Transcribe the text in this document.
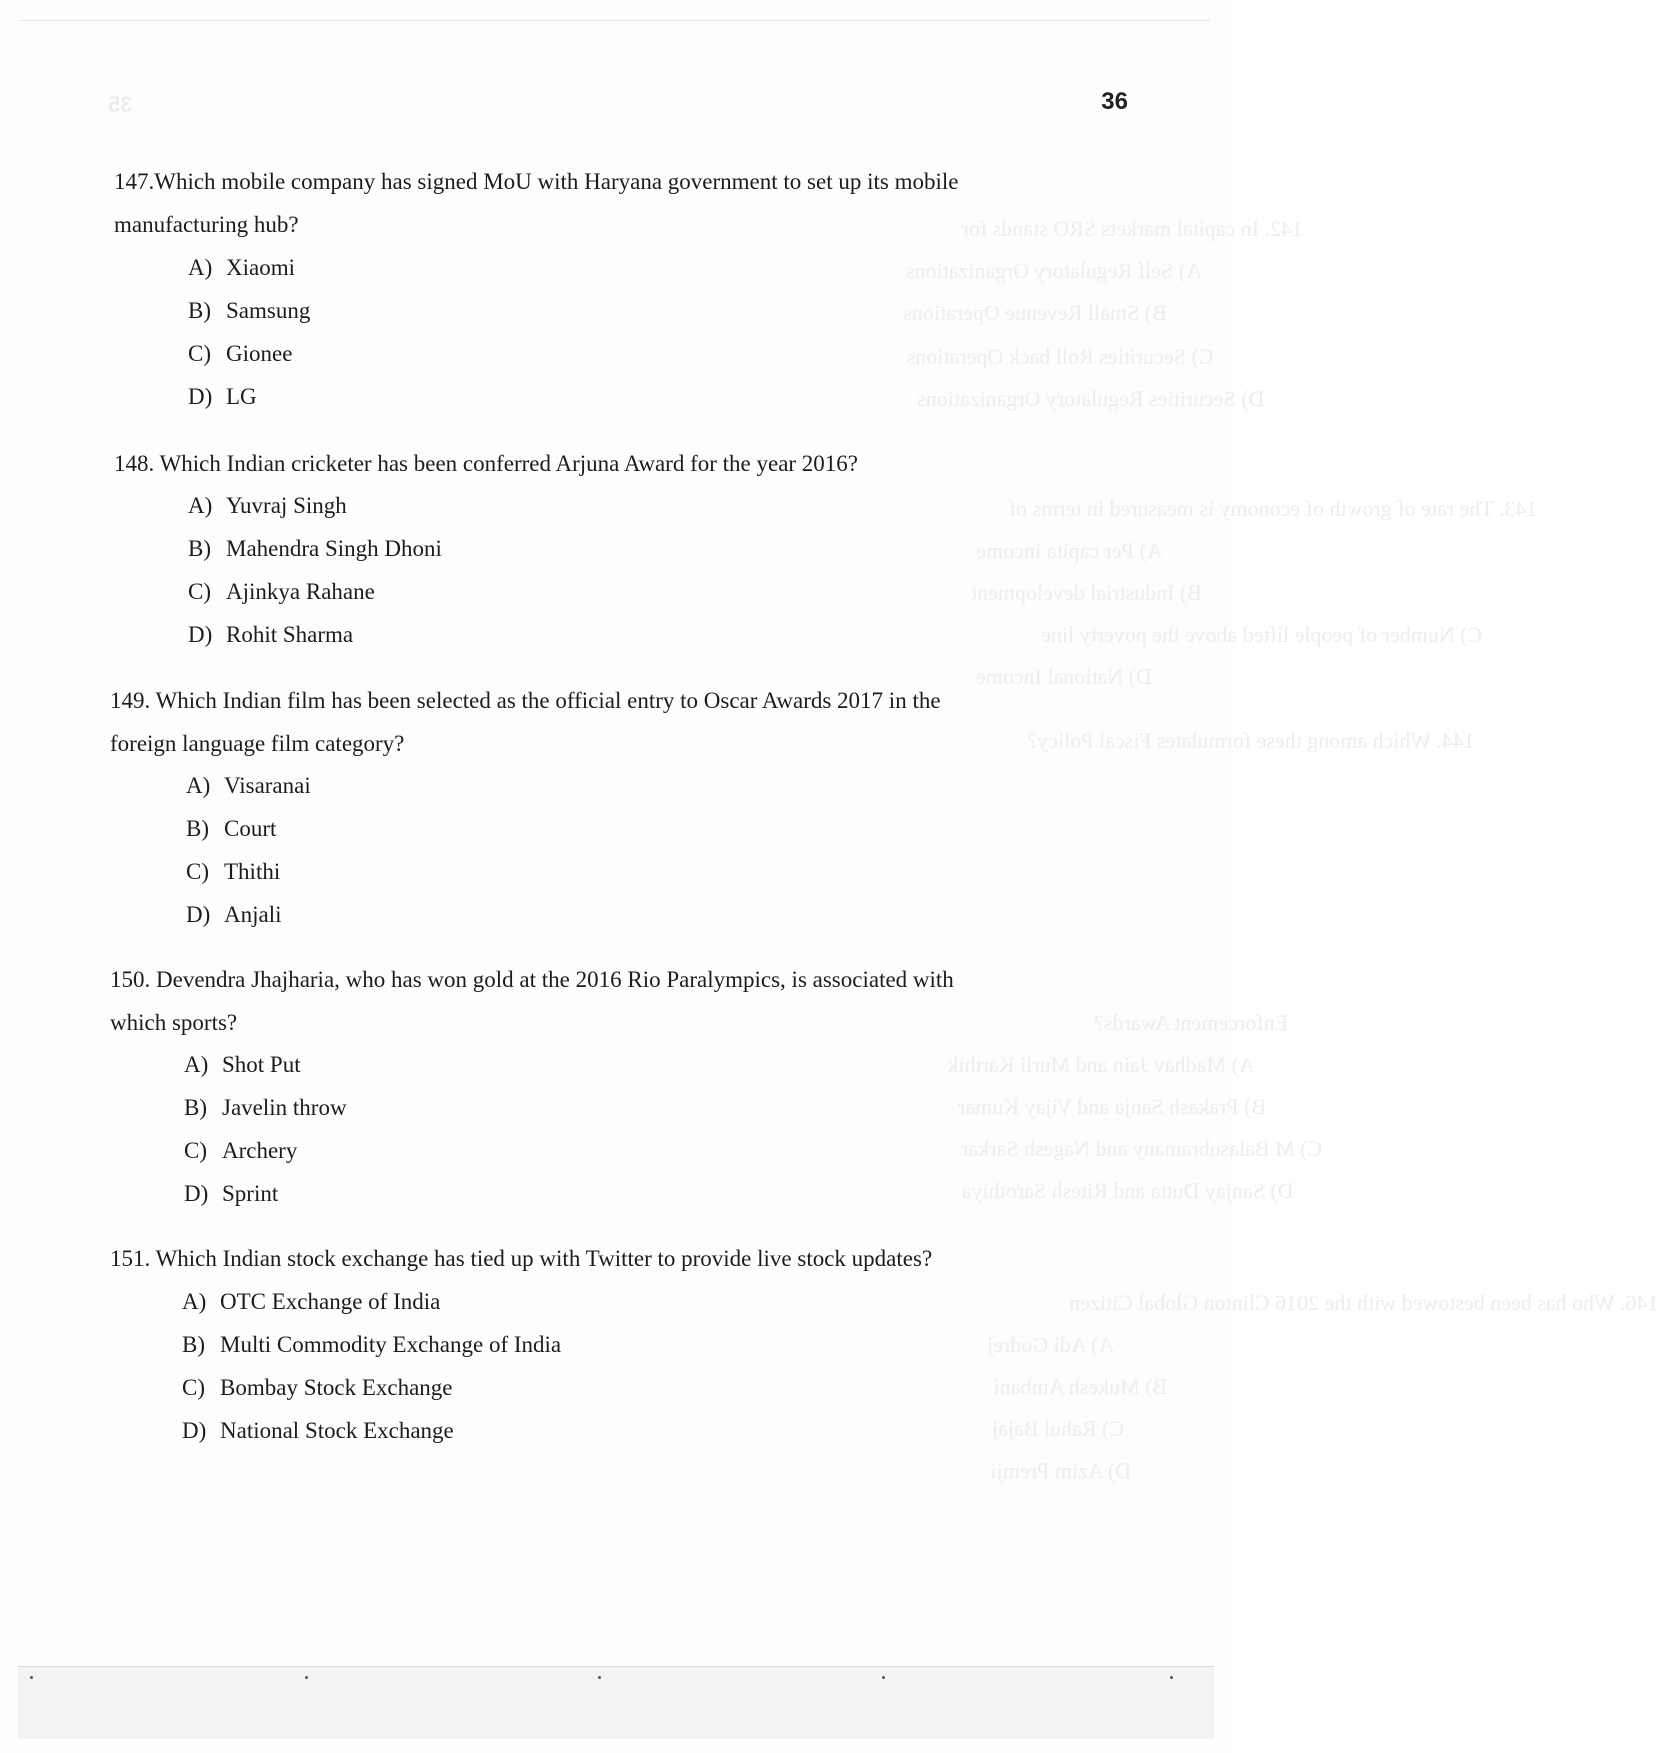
35	36
142. In capital markets SRO stands for
A) Self Regulatory Organizations
B) Small Revenue Operations
C) Securities Roll back Operations
D) Securities Regulatory Organizations
143. The rate of growth of economy is measured in terms of
A) Per capita income
B) Industrial development
C) Number of people lifted above the poverty line
D) National Income
144. Which among these formulates Fiscal Policy?
147.Which mobile company has signed MoU with Haryana government to set up its mobile
manufacturing hub?
A) Xiaomi
B) Samsung
C) Gionee
D) LG
148. Which Indian cricketer has been conferred Arjuna Award for the year 2016?
A) Yuvraj Singh
B) Mahendra Singh Dhoni
C) Ajinkya Rahane
D) Rohit Sharma
149. Which Indian film has been selected as the official entry to Oscar Awards 2017 in the
foreign language film category?
A) Visaranai
B) Court
C) Thithi
D) Anjali
150. Devendra Jhajharia, who has won gold at the 2016 Rio Paralympics, is associated with
which sports?
A) Shot Put
B) Javelin throw
C) Archery
D) Sprint
151. Which Indian stock exchange has tied up with Twitter to provide live stock updates?
A) OTC Exchange of India
B) Multi Commodity Exchange of India
C) Bombay Stock Exchange
D) National Stock Exchange
Enforcement Awards?
A) Madhav Jain and Murli Karthik
B) Prakash Sanja and Vijay Kumar
C) M Balasubramany and Nagesh Sarkar
D) Sanjay Dutta and Ritesh Sarothiya
146. Who has been bestowed with the 2016 Clinton Global Citizen
A) Adi Godrej
B) Mukesh Ambani
C) Rahul Bajaj
D) Azim Premji
